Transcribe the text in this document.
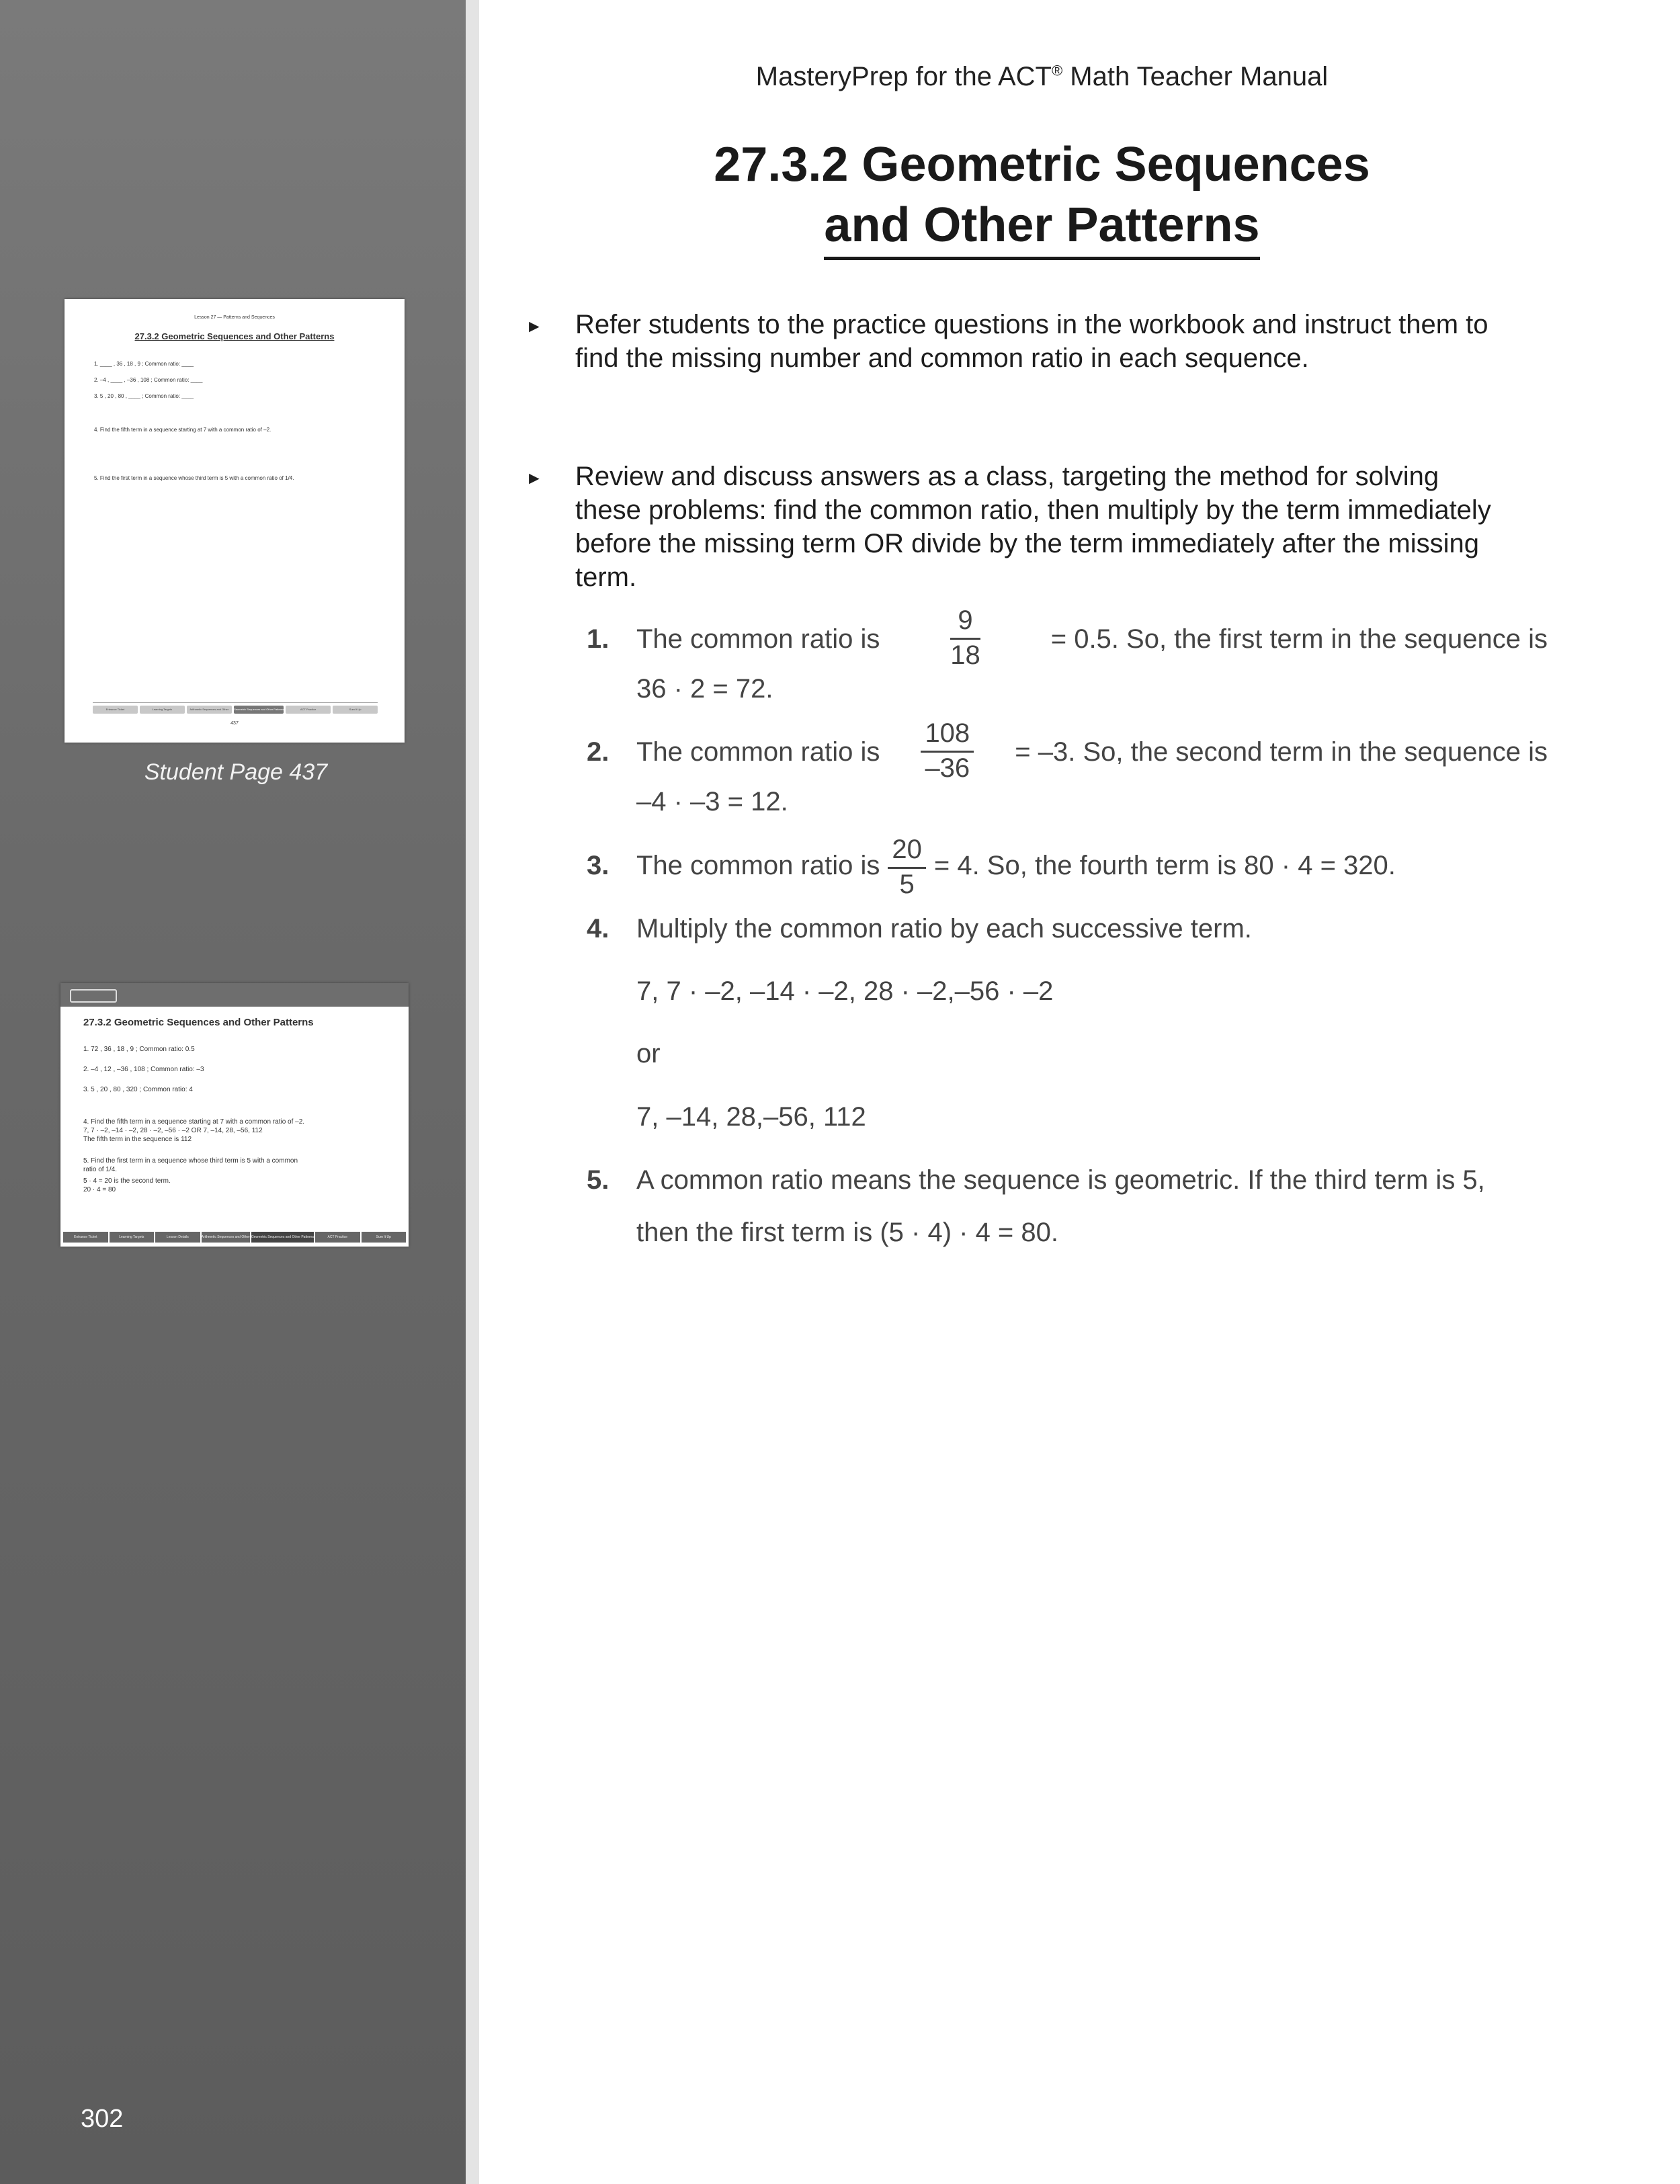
Lesson 27 — Patterns and Sequences
27.3.2 Geometric Sequences and Other Patterns
1. ____ , 36 , 18 , 9 ; Common ratio: ____
2. –4 , ____ , –36 , 108 ; Common ratio: ____
3. 5 , 20 , 80 , ____ ; Common ratio: ____
4. Find the fifth term in a sequence starting at 7 with a common ratio of –2.
5. Find the first term in a sequence whose third term is 5 with a common ratio of 1/4.
Entrance Ticket	Learning Targets	Arithmetic Sequences and Other	Geometric Sequences and Other Patterns	ACT Practice	Sum It Up
437
Student Page 437
27.3.2 Geometric Sequences and Other Patterns
1. 72 , 36 , 18 , 9 ; Common ratio: 0.5
2. –4 , 12 , –36 , 108 ; Common ratio: –3
3. 5 , 20 , 80 , 320 ; Common ratio: 4
4. Find the fifth term in a sequence starting at 7 with a common ratio of –2.
7, 7 · –2, –14 · –2, 28 · –2, –56 · –2 OR 7, –14, 28, –56, 112
The fifth term in the sequence is 112
5. Find the first term in a sequence whose third term is 5 with a common
ratio of 1/4.
5 · 4 = 20 is the second term.
20 · 4 = 80
Entrance Ticket	Learning Targets	Lesson Details	Arithmetic Sequences and Other Geometric Sequences and Other Patterns	ACT Practice	Sum It Up
302
MasteryPrep for the ACT® Math Teacher Manual
27.3.2 Geometric Sequences
and Other Patterns
► Refer students to the practice questions in the workbook and instruct them to
find the missing number and common ratio in each sequence.
► Review and discuss answers as a class, targeting the method for solving
these problems: find the common ratio, then multiply by the term immediately
before the missing term OR divide by the term immediately after the missing
term.
1. The common ratio is	$\frac{9}{18}$	= 0.5. So, the first term in the sequence is
36 · 2 = 72.
2. The common ratio is $\frac{108}{-36} = -3$. So, the second term in the sequence is
–4 · –3 = 12.
3. The common ratio is $\frac{20}{5} = 4$. So, the fourth term is 80 · 4 = 320.
4. Multiply the common ratio by each successive term.
7, 7 · –2, –14 · –2, 28 · –2,–56 · –2
or
7, –14, 28,–56, 112
5. A common ratio means the sequence is geometric. If the third term is 5,
then the first term is (5 · 4) · 4 = 80.
